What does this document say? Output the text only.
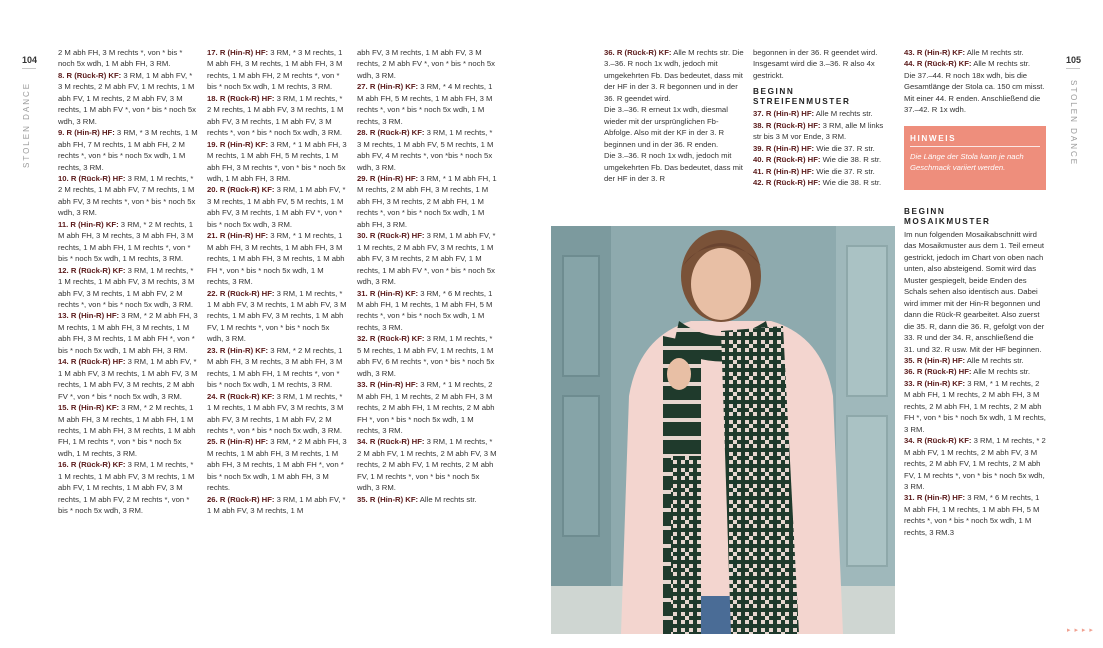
104	105
STOLEN DANCE	STOLEN DANCE

2 M abh FH, 3 M rechts *, von * bis * noch 5x wdh, 1 M abh FH, 3 RM.

8. R (Rück-R) KF: 3 RM, 1 M abh FV, * 3 M rechts, 2 M abh FV, 1 M rechts, 1 M abh FV, 1 M rechts, 2 M abh FV, 3 M rechts, 1 M abh FV *, von * bis * noch 5x wdh, 3 RM.

9. R (Hin-R) HF: 3 RM, * 3 M rechts, 1 M abh FH, 7 M rechts, 1 M abh FH, 2 M rechts *, von * bis * noch 5x wdh, 1 M rechts, 3 RM.

10. R (Rück-R) HF: 3 RM, 1 M rechts, * 2 M rechts, 1 M abh FV, 7 M rechts, 1 M abh FV, 3 M rechts *, von * bis * noch 5x wdh, 3 RM.

11. R (Hin-R) KF: 3 RM, * 2 M rechts, 1 M abh FH, 3 M rechts, 3 M abh FH, 3 M rechts, 1 M abh FH, 1 M rechts *, von * bis * noch 5x wdh, 1 M rechts, 3 RM.

12. R (Rück-R) KF: 3 RM, 1 M rechts, * 1 M rechts, 1 M abh FV, 3 M rechts, 3 M abh FV, 3 M rechts, 1 M abh FV, 2 M rechts *, von * bis * noch 5x wdh, 3 RM.

13. R (Hin-R) HF: 3 RM, * 2 M abh FH, 3 M rechts, 1 M abh FH, 3 M rechts, 1 M abh FH, 3 M rechts, 1 M abh FH *, von * bis * noch 5x wdh, 1 M abh FH, 3 RM.

14. R (Rück-R) HF: 3 RM, 1 M abh FV, * 1 M abh FV, 3 M rechts, 1 M abh FV, 3 M rechts, 1 M abh FV, 3 M rechts, 2 M abh FV *, von * bis * noch 5x wdh, 3 RM.

15. R (Hin-R) KF: 3 RM, * 2 M rechts, 1 M abh FH, 3 M rechts, 1 M abh FH, 1 M rechts, 1 M abh FH, 3 M rechts, 1 M abh FH, 1 M rechts *, von * bis * noch 5x wdh, 1 M rechts, 3 RM.

16. R (Rück-R) KF: 3 RM, 1 M rechts, * 1 M rechts, 1 M abh FV, 3 M rechts, 1 M abh FV, 1 M rechts, 1 M abh FV, 3 M rechts, 1 M abh FV, 2 M rechts *, von * bis * noch 5x wdh, 3 RM.

17. R (Hin-R) HF: 3 RM, * 3 M rechts, 1 M abh FH, 3 M rechts, 1 M abh FH, 3 M rechts, 1 M abh FH, 2 M rechts *, von * bis * noch 5x wdh, 1 M rechts, 3 RM.

18. R (Rück-R) HF: 3 RM, 1 M rechts, * 2 M rechts, 1 M abh FV, 3 M rechts, 1 M abh FV, 3 M rechts, 1 M abh FV, 3 M rechts *, von * bis * noch 5x wdh, 3 RM.

19. R (Hin-R) KF: 3 RM, * 1 M abh FH, 3 M rechts, 1 M abh FH, 5 M rechts, 1 M abh FH, 3 M rechts *, von * bis * noch 5x wdh, 1 M abh FH, 3 RM.

20. R (Rück-R) KF: 3 RM, 1 M abh FV, * 3 M rechts, 1 M abh FV, 5 M rechts, 1 M abh FV, 3 M rechts, 1 M abh FV *, von * bis * noch 5x wdh, 3 RM.

21. R (Hin-R) HF: 3 RM, * 1 M rechts, 1 M abh FH, 3 M rechts, 1 M abh FH, 3 M rechts, 1 M abh FH, 3 M rechts, 1 M abh FH *, von * bis * noch 5x wdh, 1 M rechts, 3 RM.

22. R (Rück-R) HF: 3 RM, 1 M rechts, * 1 M abh FV, 3 M rechts, 1 M abh FV, 3 M rechts, 1 M abh FV, 3 M rechts, 1 M abh FV, 1 M rechts *, von * bis * noch 5x wdh, 3 RM.

23. R (Hin-R) KF: 3 RM, * 2 M rechts, 1 M abh FH, 3 M rechts, 3 M abh FH, 3 M rechts, 1 M abh FH, 1 M rechts *, von * bis * noch 5x wdh, 1 M rechts, 3 RM.

24. R (Rück-R) KF: 3 RM, 1 M rechts, * 1 M rechts, 1 M abh FV, 3 M rechts, 3 M abh FV, 3 M rechts, 1 M abh FV, 2 M rechts *, von * bis * noch 5x wdh, 3 RM.

25. R (Hin-R) HF: 3 RM, * 2 M abh FH, 3 M rechts, 1 M abh FH, 3 M rechts, 1 M abh FH, 3 M rechts, 1 M abh FH *, von * bis * noch 5x wdh, 1 M abh FH, 3 M rechts.

26. R (Rück-R) HF: 3 RM, 1 M abh FV, * 1 M abh FV, 3 M rechts, 1 M

abh FV, 3 M rechts, 1 M abh FV, 3 M rechts, 2 M abh FV *, von * bis * noch 5x wdh, 3 RM.

27. R (Hin-R) KF: 3 RM, * 4 M rechts, 1 M abh FH, 5 M rechts, 1 M abh FH, 3 M rechts *, von * bis * noch 5x wdh, 1 M rechts, 3 RM.

28. R (Rück-R) KF: 3 RM, 1 M rechts, * 3 M rechts, 1 M abh FV, 5 M rechts, 1 M abh FV, 4 M rechts *, von *bis * noch 5x wdh, 3 RM.

29. R (Hin-R) HF: 3 RM, * 1 M abh FH, 1 M rechts, 2 M abh FH, 3 M rechts, 1 M abh FH, 3 M rechts, 2 M abh FH, 1 M rechts *, von * bis * noch 5x wdh, 1 M abh FH, 3 RM.

30. R (Rück-R) HF: 3 RM, 1 M abh FV, * 1 M rechts, 2 M abh FV, 3 M rechts, 1 M abh FV, 3 M rechts, 2 M abh FV, 1 M rechts, 1 M abh FV *, von * bis * noch 5x wdh, 3 RM.

31. R (Hin-R) KF: 3 RM, * 6 M rechts, 1 M abh FH, 1 M rechts, 1 M abh FH, 5 M rechts *, von * bis * noch 5x wdh, 1 M rechts, 3 RM.

32. R (Rück-R) KF: 3 RM, 1 M rechts, * 5 M rechts, 1 M abh FV, 1 M rechts, 1 M abh FV, 6 M rechts *, von * bis * noch 5x wdh, 3 RM.

33. R (Hin-R) HF: 3 RM, * 1 M rechts, 2 M abh FH, 1 M rechts, 2 M abh FH, 3 M rechts, 2 M abh FH, 1 M rechts, 2 M abh FH *, von * bis * noch 5x wdh, 1 M rechts, 3 RM.

34. R (Rück-R) HF: 3 RM, 1 M rechts, * 2 M abh FV, 1 M rechts, 2 M abh FV, 3 M rechts, 2 M abh FV, 1 M rechts, 2 M abh FV, 1 M rechts *, von * bis * noch 5x wdh, 3 RM.

35. R (Hin-R) KF: Alle M rechts str.

36. R (Rück-R) KF: Alle M rechts str. Die 3.–36. R noch 1x wdh, jedoch mit umgekehrten Fb. Das bedeutet, dass mit der HF in der 3. R begonnen und in der 36. R geendet wird.

Die 3.–36. R erneut 1x wdh, diesmal wieder mit der ursprünglichen Fb-Abfolge. Also mit der KF in der 3. R beginnen und in der 36. R enden.

Die 3.–36. R noch 1x wdh, jedoch mit umgekehrten Fb. Das bedeutet, dass mit der HF in der 3. R

begonnen in der 36. R geendet wird. Insgesamt wird die 3.–36. R also 4x gestrickt.

BEGINN STREIFENMUSTER

37. R (Hin-R) HF: Alle M rechts str.

38. R (Rück-R) HF: 3 RM, alle M links str bis 3 M vor Ende, 3 RM.

39. R (Hin-R) HF: Wie die 37. R str.

40. R (Rück-R) HF: Wie die 38. R str.

41. R (Hin-R) HF: Wie die 37. R str.

42. R (Rück-R) HF: Wie die 38. R str.

43. R (Hin-R) KF: Alle M rechts str.

44. R (Rück-R) KF: Alle M rechts str.

Die 37.–44. R noch 18x wdh, bis die Gesamtlänge der Stola ca. 150 cm misst. Mit einer 44. R enden. Anschließend die 37.–42. R 1x wdh.

HINWEIS
Die Länge der Stola kann je nach Geschmack variiert werden.
BEGINN MOSAIKMUSTER

Im nun folgenden Mosaikabschnitt wird das Mosaikmuster aus dem 1. Teil erneut gestrickt, jedoch im Chart von oben nach unten, also absteigend. Somit wird das Muster gespiegelt, beide Enden des Schals sehen also identisch aus. Dabei wird immer mit der Hin-R begonnen und dann die Rück-R gearbeitet. Also zuerst die 35. R, dann die 36. R, gefolgt von der 33. R und der 34. R, anschließend die 31. und 32. R usw. Mit der HF beginnen.

35. R (Hin-R) HF: Alle M rechts str.

36. R (Rück-R) HF: Alle M rechts str.

33. R (Hin-R) KF: 3 RM, * 1 M rechts, 2 M abh FH, 1 M rechts, 2 M abh FH, 3 M rechts, 2 M abh FH, 1 M rechts, 2 M abh FH *, von * bis * noch 5x wdh, 1 M rechts, 3 RM.

34. R (Rück-R) KF: 3 RM, 1 M rechts, * 2 M abh FV, 1 M rechts, 2 M abh FV, 3 M rechts, 2 M abh FV, 1 M rechts, 2 M abh FV, 1 M rechts *, von * bis * noch 5x wdh, 3 RM.

31. R (Hin-R) HF: 3 RM, * 6 M rechts, 1 M abh FH, 1 M rechts, 1 M abh FH, 5 M rechts *, von * bis * noch 5x wdh, 1 M rechts, 3 RM.3

▸ ▸ ▸ ▸
